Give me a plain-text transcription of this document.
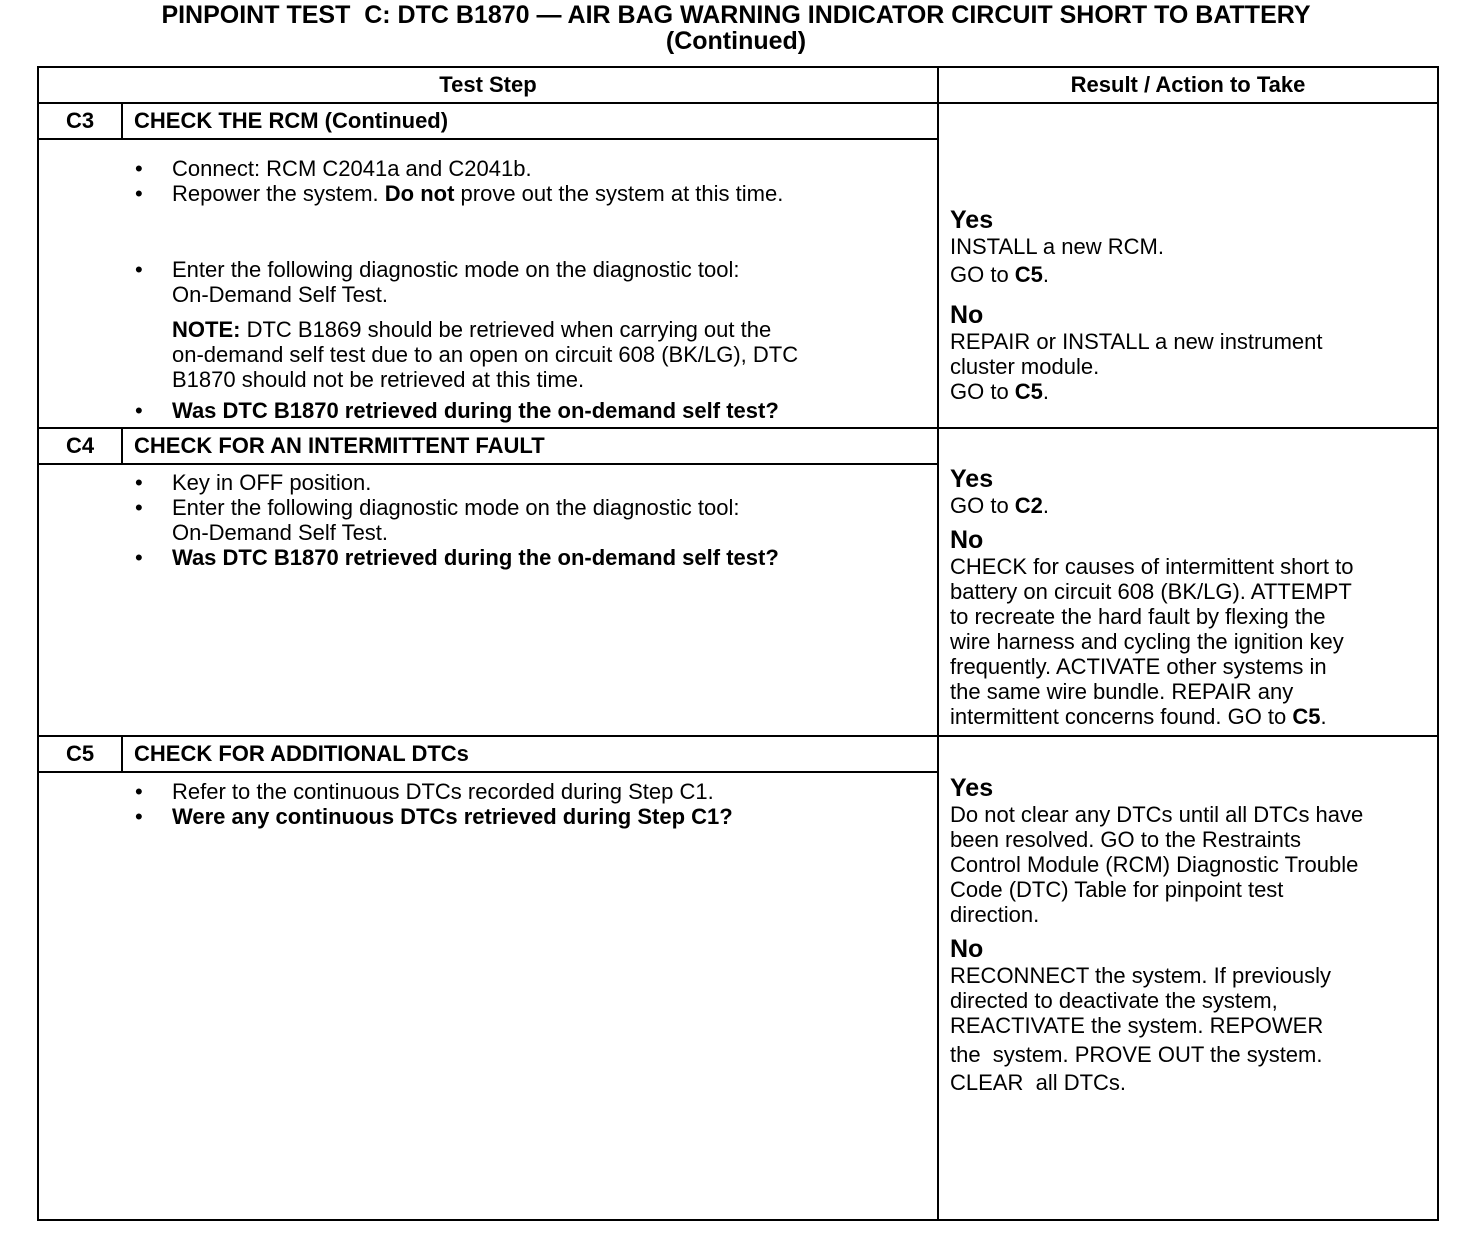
PINPOINT TEST  C: DTC B1870 — AIR BAG WARNING INDICATOR CIRCUIT SHORT TO BATTERY
(Continued)
Test Step	Result / Action to Take
C3	CHECK THE RCM (Continued)
• Connect: RCM C2041a and C2041b.
• Repower the system. Do not prove out the system at this time.
• Enter the following diagnostic mode on the diagnostic tool:
On-Demand Self Test.
NOTE: DTC B1869 should be retrieved when carrying out the
on-demand self test due to an open on circuit 608 (BK/LG), DTC
B1870 should not be retrieved at this time.
• Was DTC B1870 retrieved during the on-demand self test?
Yes
INSTALL a new RCM.
GO to C5.
No
REPAIR or INSTALL a new instrument
cluster module.
GO to C5.
C4	CHECK FOR AN INTERMITTENT FAULT
• Key in OFF position.
• Enter the following diagnostic mode on the diagnostic tool:
On-Demand Self Test.
• Was DTC B1870 retrieved during the on-demand self test?
Yes
GO to C2.
No
CHECK for causes of intermittent short to
battery on circuit 608 (BK/LG). ATTEMPT
to recreate the hard fault by flexing the
wire harness and cycling the ignition key
frequently. ACTIVATE other systems in
the same wire bundle. REPAIR any
intermittent concerns found. GO to C5.
C5	CHECK FOR ADDITIONAL DTCs
• Refer to the continuous DTCs recorded during Step C1.
• Were any continuous DTCs retrieved during Step C1?
Yes
Do not clear any DTCs until all DTCs have
been resolved. GO to the Restraints
Control Module (RCM) Diagnostic Trouble
Code (DTC) Table for pinpoint test
direction.
No
RECONNECT the system. If previously
directed to deactivate the system,
REACTIVATE the system. REPOWER
the  system. PROVE OUT the system.
CLEAR  all DTCs.
